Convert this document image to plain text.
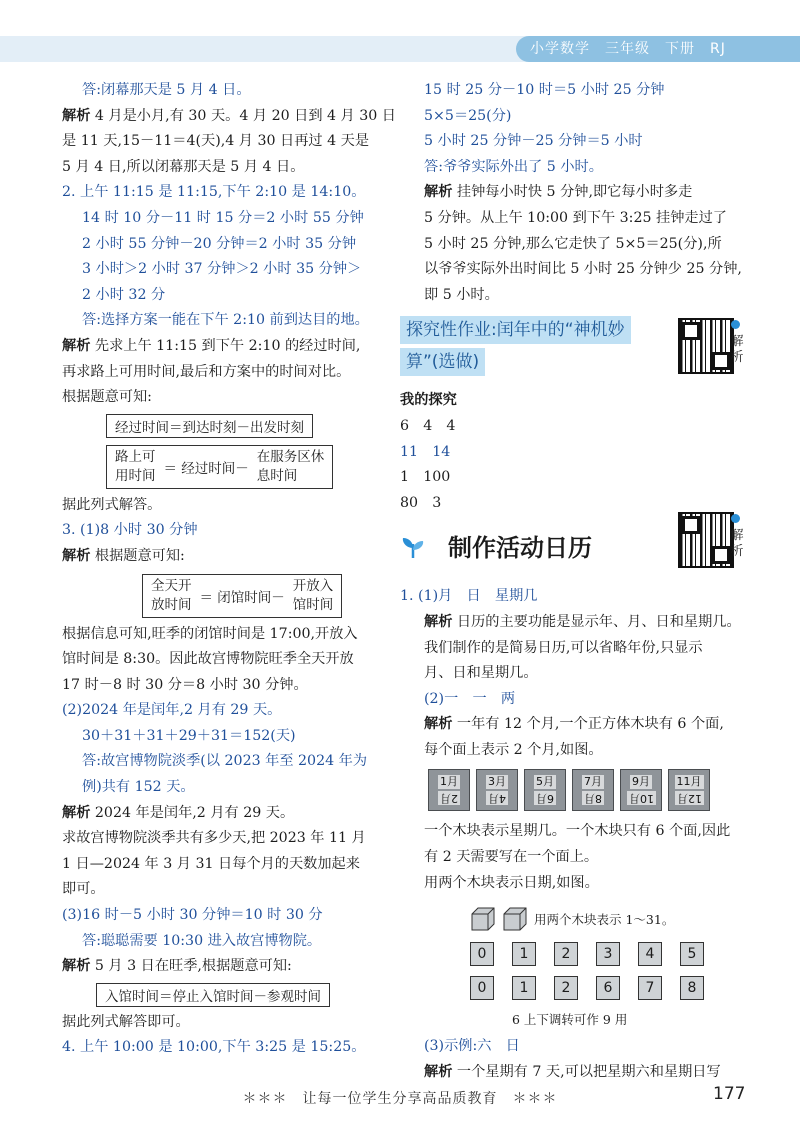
小学数学　三年级　下册　RJ
答:闭幕那天是 5 月 4 日。
解析 4 月是小月,有 30 天。4 月 20 日到 4 月 30 日
是 11 天,15－11＝4(天),4 月 30 日再过 4 天是
5 月 4 日,所以闭幕那天是 5 月 4 日。
2. 上午 11:15 是 11:15,下午 2:10 是 14:10。
14 时 10 分－11 时 15 分＝2 小时 55 分钟
2 小时 55 分钟－20 分钟＝2 小时 35 分钟
3 小时＞2 小时 37 分钟＞2 小时 35 分钟＞
2 小时 32 分
答:选择方案一能在下午 2:10 前到达目的地。
解析 先求上午 11:15 到下午 2:10 的经过时间,
再求路上可用时间,最后和方案中的时间对比。
根据题意可知:
经过时间＝到达时刻－出发时刻
路上可
用时间 ＝ 经过时间－
在服务区休
息时间
据此列式解答。
3. (1)8 小时 30 分钟
解析 根据题意可知:
全天开
放时间 ＝ 闭馆时间－
开放入
馆时间
根据信息可知,旺季的闭馆时间是 17:00,开放入
馆时间是 8:30。因此故宫博物院旺季全天开放
17 时－8 时 30 分＝8 小时 30 分钟。
(2)2024 年是闰年,2 月有 29 天。
30＋31＋31＋29＋31＝152(天)
答:故宫博物院淡季(以 2023 年至 2024 年为
例)共有 152 天。
解析 2024 年是闰年,2 月有 29 天。
求故宫博物院淡季共有多少天,把 2023 年 11 月
1 日—2024 年 3 月 31 日每个月的天数加起来
即可。
(3)16 时－5 小时 30 分钟＝10 时 30 分
答:聪聪需要 10:30 进入故宫博物院。
解析 5 月 3 日在旺季,根据题意可知:
入馆时间＝停止入馆时间－参观时间
据此列式解答即可。
4. 上午 10:00 是 10:00,下午 3:25 是 15:25。
15 时 25 分－10 时＝5 小时 25 分钟
5×5＝25(分)
5 小时 25 分钟－25 分钟＝5 小时
答:爷爷实际外出了 5 小时。
解析 挂钟每小时快 5 分钟,即它每小时多走
5 分钟。从上午 10:00 到下午 3:25 挂钟走过了
5 小时 25 分钟,那么它走快了 5×5＝25(分),所
以爷爷实际外出时间比 5 小时 25 分钟少 25 分钟,
即 5 小时。
探究性作业:闰年中的“神机妙
算”(选做)
我的探究
6　4　4
11　14
1　100
80　3
制作活动日历
1. (1)月　日　星期几
解析 日历的主要功能是显示年、月、日和星期几。
我们制作的是简易日历,可以省略年份,只显示
月、日和星期几。
(2)一　一　两
解析 一年有 12 个月,一个正方体木块有 6 个面,
每个面上表示 2 个月,如图。
1月
2月
3月
4月
5月
6月
7月
8月
9月
10月
11月
12月
一个木块表示星期几。一个木块只有 6 个面,因此
有 2 天需要写在一个面上。
用两个木块表示日期,如图。
用两个木块表示 1～31。
0	1	2	3	4	5
0	1	2	6	7	8
6 上下调转可作 9 用
(3)示例:六　日
解析 一个星期有 7 天,可以把星期六和星期日写
解析
解析
＊＊＊　让每一位学生分享高品质教育　＊＊＊	177
